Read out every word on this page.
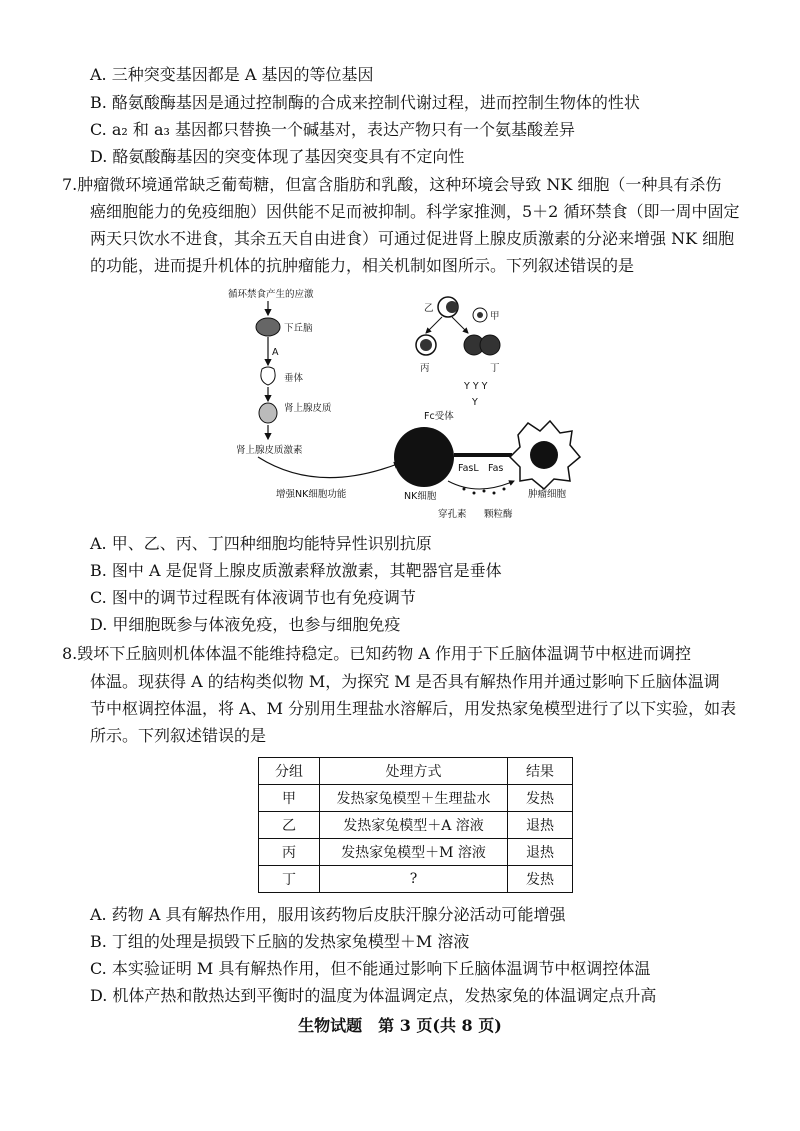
A. 三种突变基因都是 A 基因的等位基因
B. 酪氨酸酶基因是通过控制酶的合成来控制代谢过程，进而控制生物体的性状
C. a₂ 和 a₃ 基因都只替换一个碱基对，表达产物只有一个氨基酸差异
D. 酪氨酸酶基因的突变体现了基因突变具有不定向性
7.肿瘤微环境通常缺乏葡萄糖，但富含脂肪和乳酸，这种环境会导致 NK 细胞（一种具有杀伤
癌细胞能力的免疫细胞）因供能不足而被抑制。科学家推测，5＋2 循环禁食（即一周中固定
两天只饮水不进食，其余五天自由进食）可通过促进肾上腺皮质激素的分泌来增强 NK 细胞
的功能，进而提升机体的抗肿瘤能力，相关机制如图所示。下列叙述错误的是
循环禁食产生的应激
下丘脑
A
垂体
肾上腺皮质
肾上腺皮质激素
增强NK细胞功能
乙
甲
丙	丁
Y Y Y
Y
Fc受体
FasL Fas
肿瘤细胞
NK细胞
穿孔素 颗粒酶
A. 甲、乙、丙、丁四种细胞均能特异性识别抗原
B. 图中 A 是促肾上腺皮质激素释放激素，其靶器官是垂体
C. 图中的调节过程既有体液调节也有免疫调节
D. 甲细胞既参与体液免疫，也参与细胞免疫
8.毁坏下丘脑则机体体温不能维持稳定。已知药物 A 作用于下丘脑体温调节中枢进而调控
体温。现获得 A 的结构类似物 M，为探究 M 是否具有解热作用并通过影响下丘脑体温调
节中枢调控体温，将 A、M 分别用生理盐水溶解后，用发热家兔模型进行了以下实验，如表
所示。下列叙述错误的是
分组	处理方式	结果
甲	发热家兔模型＋生理盐水	发热
乙	发热家兔模型＋A 溶液	退热
丙	发热家兔模型＋M 溶液	退热
丁	?	发热
A. 药物 A 具有解热作用，服用该药物后皮肤汗腺分泌活动可能增强
B. 丁组的处理是损毁下丘脑的发热家兔模型＋M 溶液
C. 本实验证明 M 具有解热作用，但不能通过影响下丘脑体温调节中枢调控体温
D. 机体产热和散热达到平衡时的温度为体温调定点，发热家兔的体温调定点升高
生物试题　第 3 页(共 8 页)
